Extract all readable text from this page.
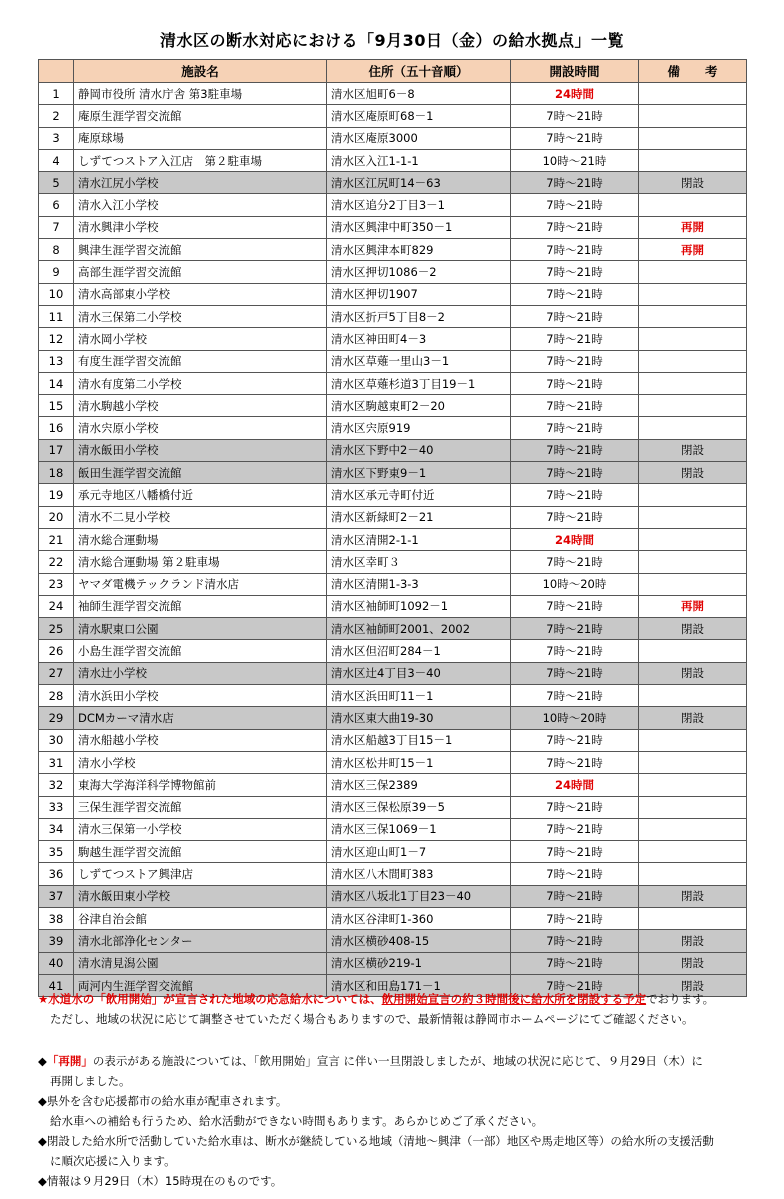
清水区の断水対応における「9月30日（金）の給水拠点」一覧
	施設名	住所（五十音順）	開設時間	備　　考
1	静岡市役所 清水庁舎 第3駐車場	清水区旭町6－8	24時間	
2	庵原生涯学習交流館	清水区庵原町68－1	7時～21時	
3	庵原球場	清水区庵原3000	7時～21時	
4	しずてつストア入江店　第２駐車場	清水区入江1-1-1	10時～21時	
5	清水江尻小学校	清水区江尻町14－63	7時～21時	閉設
6	清水入江小学校	清水区追分2丁目3－1	7時～21時	
7	清水興津小学校	清水区興津中町350－1	7時～21時	再開
8	興津生涯学習交流館	清水区興津本町829	7時～21時	再開
9	高部生涯学習交流館	清水区押切1086－2	7時～21時	
10	清水高部東小学校	清水区押切1907	7時～21時	
11	清水三保第二小学校	清水区折戸5丁目8－2	7時～21時	
12	清水岡小学校	清水区神田町4－3	7時～21時	
13	有度生涯学習交流館	清水区草薙一里山3－1	7時～21時	
14	清水有度第二小学校	清水区草薙杉道3丁目19－1	7時～21時	
15	清水駒越小学校	清水区駒越東町2－20	7時～21時	
16	清水宍原小学校	清水区宍原919	7時～21時	
17	清水飯田小学校	清水区下野中2－40	7時～21時	閉設
18	飯田生涯学習交流館	清水区下野東9－1	7時～21時	閉設
19	承元寺地区八幡橋付近	清水区承元寺町付近	7時～21時	
20	清水不二見小学校	清水区新緑町2－21	7時～21時	
21	清水総合運動場	清水区清開2-1-1	24時間	
22	清水総合運動場 第２駐車場	清水区幸町３	7時～21時	
23	ヤマダ電機テックランド清水店	清水区清開1-3-3	10時～20時	
24	袖師生涯学習交流館	清水区袖師町1092－1	7時～21時	再開
25	清水駅東口公園	清水区袖師町2001、2002	7時～21時	閉設
26	小島生涯学習交流館	清水区但沼町284－1	7時～21時	
27	清水辻小学校	清水区辻4丁目3－40	7時～21時	閉設
28	清水浜田小学校	清水区浜田町11－1	7時～21時	
29	DCMカーマ清水店	清水区東大曲19-30	10時～20時	閉設
30	清水船越小学校	清水区船越3丁目15－1	7時～21時	
31	清水小学校	清水区松井町15－1	7時～21時	
32	東海大学海洋科学博物館前	清水区三保2389	24時間	
33	三保生涯学習交流館	清水区三保松原39－5	7時～21時	
34	清水三保第一小学校	清水区三保1069－1	7時～21時	
35	駒越生涯学習交流館	清水区迎山町1－7	7時～21時	
36	しずてつストア興津店	清水区八木間町383	7時～21時	
37	清水飯田東小学校	清水区八坂北1丁目23－40	7時～21時	閉設
38	谷津自治会館	清水区谷津町1-360	7時～21時	
39	清水北部浄化センター	清水区横砂408-15	7時～21時	閉設
40	清水清見潟公園	清水区横砂219-1	7時～21時	閉設
41	両河内生涯学習交流館	清水区和田島171－1	7時～21時	閉設

★水道水の「飲用開始」が宣言された地域の応急給水については、飲用開始宣言の約３時間後に給水所を閉設する予定でおります。

ただし、地域の状況に応じて調整させていただく場合もありますので、最新情報は静岡市ホームページにてご確認ください。

◆「再開」の表示がある施設については、「飲用開始」宣言 に伴い一旦閉設しましたが、地域の状況に応じて、９月29日（木）に

再開しました。

◆県外を含む応援都市の給水車が配車されます。

給水車への補給も行うため、給水活動ができない時間もあります。あらかじめご了承ください。

◆閉設した給水所で活動していた給水車は、断水が継続している地域（清地～興津（一部）地区や馬走地区等）の給水所の支援活動

に順次応援に入ります。

◆情報は９月29日（木）15時現在のものです。
